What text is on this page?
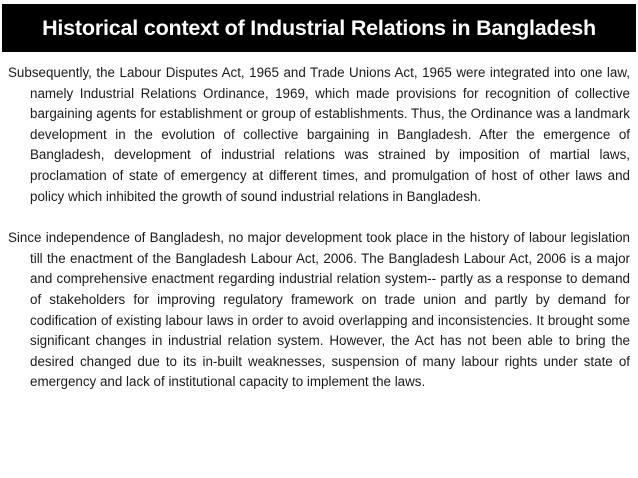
Historical context of Industrial Relations in Bangladesh

Subsequently, the Labour Disputes Act, 1965 and Trade Unions Act, 1965 were integrated into one law, namely Industrial Relations Ordinance, 1969, which made provisions for recognition of collective bargaining agents for establishment or group of establishments. Thus, the Ordinance was a landmark development in the evolution of collective bargaining in Bangladesh. After the emergence of Bangladesh, development of industrial relations was strained by imposition of martial laws, proclamation of state of emergency at different times, and promulgation of host of other laws and policy which inhibited the growth of sound industrial relations in Bangladesh.

Since independence of Bangladesh, no major development took place in the history of labour legislation till the enactment of the Bangladesh Labour Act, 2006. The Bangladesh Labour Act, 2006 is a major and comprehensive enactment regarding industrial relation system-- partly as a response to demand of stakeholders for improving regulatory framework on trade union and partly by demand for codification of existing labour laws in order to avoid overlapping and inconsistencies. It brought some significant changes in industrial relation system. However, the Act has not been able to bring the desired changed due to its in-built weaknesses, suspension of many labour rights under state of emergency and lack of institutional capacity to implement the laws.
